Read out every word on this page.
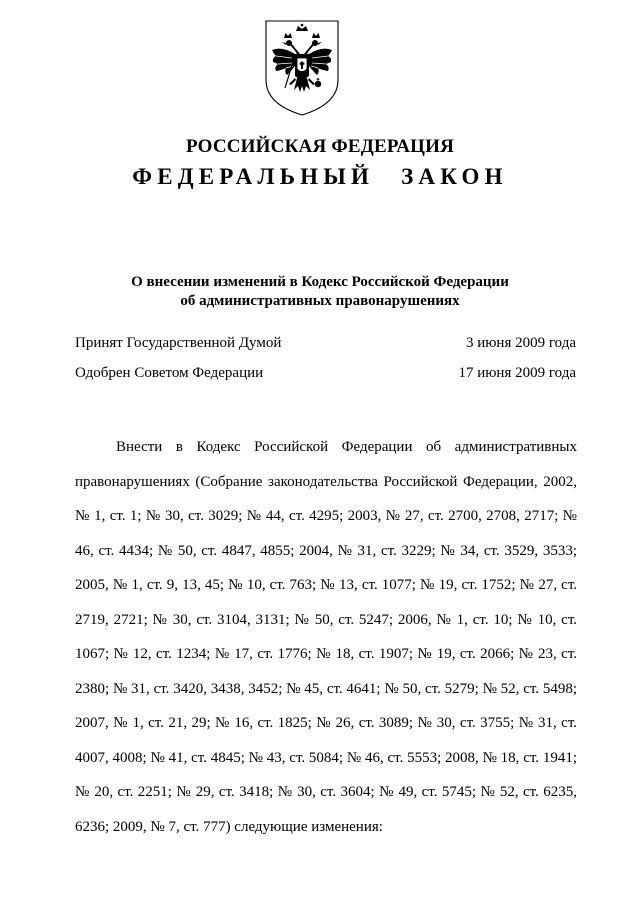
РОССИЙСКАЯ ФЕДЕРАЦИЯ
ФЕДЕРАЛЬНЫЙ ЗАКОН
О внесении изменений в Кодекс Российской Федерации
об административных правонарушениях
Принят Государственной Думой	3 июня 2009 года
Одобрен Советом Федерации	17 июня 2009 года

Внести в Кодекс Российской Федерации об административных правонарушениях (Собрание законодательства Российской Федерации, 2002, № 1, ст. 1; № 30, ст. 3029; № 44, ст. 4295; 2003, № 27, ст. 2700, 2708, 2717; № 46, ст. 4434; № 50, ст. 4847, 4855; 2004, № 31, ст. 3229; № 34, ст. 3529, 3533; 2005, № 1, ст. 9, 13, 45; № 10, ст. 763; № 13, ст. 1077; № 19, ст. 1752; № 27, ст. 2719, 2721; № 30, ст. 3104, 3131; № 50, ст. 5247; 2006, № 1, ст. 10; № 10, ст. 1067; № 12, ст. 1234; № 17, ст. 1776; № 18, ст. 1907; № 19, ст. 2066; № 23, ст. 2380; № 31, ст. 3420, 3438, 3452; № 45, ст. 4641; № 50, ст. 5279; № 52, ст. 5498; 2007, № 1, ст. 21, 29; № 16, ст. 1825; № 26, ст. 3089; № 30, ст. 3755; № 31, ст. 4007, 4008; № 41, ст. 4845; № 43, ст. 5084; № 46, ст. 5553; 2008, № 18, ст. 1941; № 20, ст. 2251; № 29, ст. 3418; № 30, ст. 3604; № 49, ст. 5745; № 52, ст. 6235, 6236; 2009, № 7, ст. 777) следующие изменения:
